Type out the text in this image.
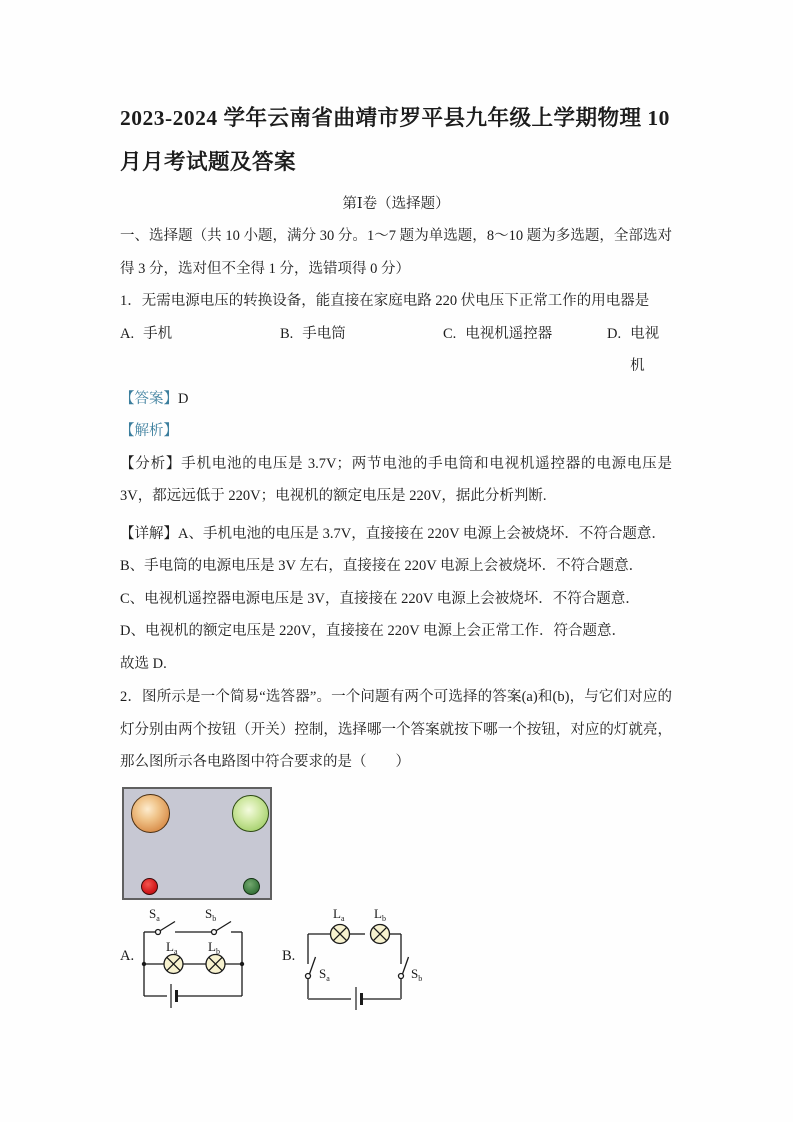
2023-2024 学年云南省曲靖市罗平县九年级上学期物理 10 月月考试题及答案

第Ⅰ卷（选择题）

一、选择题（共 10 小题，满分 30 分。1～7 题为单选题，8～10 题为多选题，全部选对得 3 分，选对但不全得 1 分，选错项得 0 分）

1．无需电源电压的转换设备，能直接在家庭电路 220 伏电压下正常工作的用电器是

A. 手机	B. 手电筒	C. 电视机遥控器	D. 电视机

【答案】D

【解析】

【分析】手机电池的电压是 3.7V；两节电池的手电筒和电视机遥控器的电源电压是 3V，都远远低于 220V；电视机的额定电压是 220V，据此分析判断.

【详解】A、手机电池的电压是 3.7V，直接接在 220V 电源上会被烧坏．不符合题意．

B、手电筒的电源电压是 3V 左右，直接接在 220V 电源上会被烧坏．不符合题意．

C、电视机遥控器电源电压是 3V，直接接在 220V 电源上会被烧坏．不符合题意．

D、电视机的额定电压是 220V，直接接在 220V 电源上会正常工作．符合题意．

故选 D.

2．图所示是一个简易“选答器”。一个问题有两个可选择的答案(a)和(b)，与它们对应的灯分别由两个按钮（开关）控制，选择哪一个答案就按下哪一个按钮，对应的灯就亮，那么图所示各电路图中符合要求的是（　　）

A.
$S_a$	$S_b$
$L_a$ $L_b$	B.
$L_a$ $L_b$
$S_a$	$S_b$
